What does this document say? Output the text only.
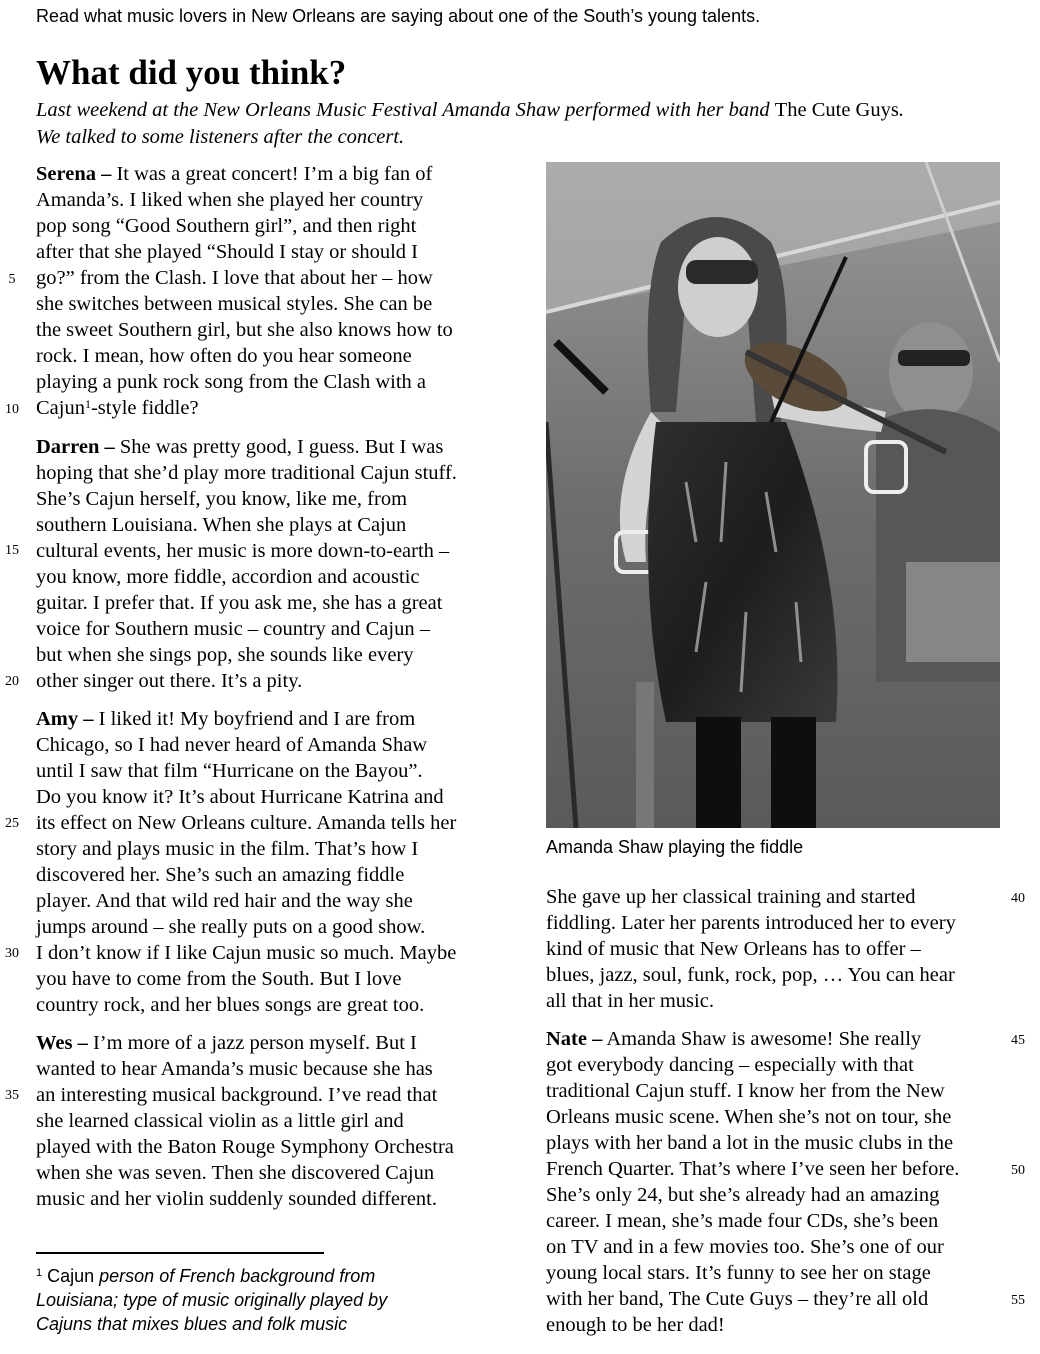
Read what music lovers in New Orleans are saying about one of the South’s young talents.
What did you think?
Last weekend at the New Orleans Music Festival Amanda Shaw performed with her band The Cute Guys.
We talked to some listeners after the concert.
Serena – It was a great concert! I’m a big fan of
Amanda’s. I liked when she played her country
pop song “Good Southern girl”, and then right
after that she played “Should I stay or should I
go?” from the Clash. I love that about her – how
she switches between musical styles. She can be
the sweet Southern girl, but she also knows how to
rock. I mean, how often do you hear someone
playing a punk rock song from the Clash with a
Cajun$^1$-style fiddle?
Darren – She was pretty good, I guess. But I was
hoping that she’d play more traditional Cajun stuff.
She’s Cajun herself, you know, like me, from
southern Louisiana. When she plays at Cajun
cultural events, her music is more down-to-earth –
you know, more fiddle, accordion and acoustic
guitar. I prefer that. If you ask me, she has a great
voice for Southern music – country and Cajun –
but when she sings pop, she sounds like every
other singer out there. It’s a pity.
Amy – I liked it! My boyfriend and I are from
Chicago, so I had never heard of Amanda Shaw
until I saw that film “Hurricane on the Bayou”.
Do you know it? It’s about Hurricane Katrina and
its effect on New Orleans culture. Amanda tells her
story and plays music in the film. That’s how I
discovered her. She’s such an amazing fiddle
player. And that wild red hair and the way she
jumps around – she really puts on a good show.
I don’t know if I like Cajun music so much. Maybe
you have to come from the South. But I love
country rock, and her blues songs are great too.
Wes – I’m more of a jazz person myself. But I
wanted to hear Amanda’s music because she has
an interesting musical background. I’ve read that
she learned classical violin as a little girl and
played with the Baton Rouge Symphony Orchestra
when she was seven. Then she discovered Cajun
music and her violin suddenly sounded different.
5
10
15
20
25
30
35
Amanda Shaw playing the fiddle
She gave up her classical training and started
fiddling. Later her parents introduced her to every
kind of music that New Orleans has to offer –
blues, jazz, soul, funk, rock, pop, … You can hear
all that in her music.
Nate – Amanda Shaw is awesome! She really
got everybody dancing – especially with that
traditional Cajun stuff. I know her from the New
Orleans music scene. When she’s not on tour, she
plays with her band a lot in the music clubs in the
French Quarter. That’s where I’ve seen her before.
She’s only 24, but she’s already had an amazing
career. I mean, she’s made four CDs, she’s been
on TV and in a few movies too. She’s one of our
young local stars. It’s funny to see her on stage
with her band, The Cute Guys – they’re all old
enough to be her dad!
40
45
50
55
$^1$ Cajun person of French background from
Louisiana; type of music originally played by
Cajuns that mixes blues and folk music
